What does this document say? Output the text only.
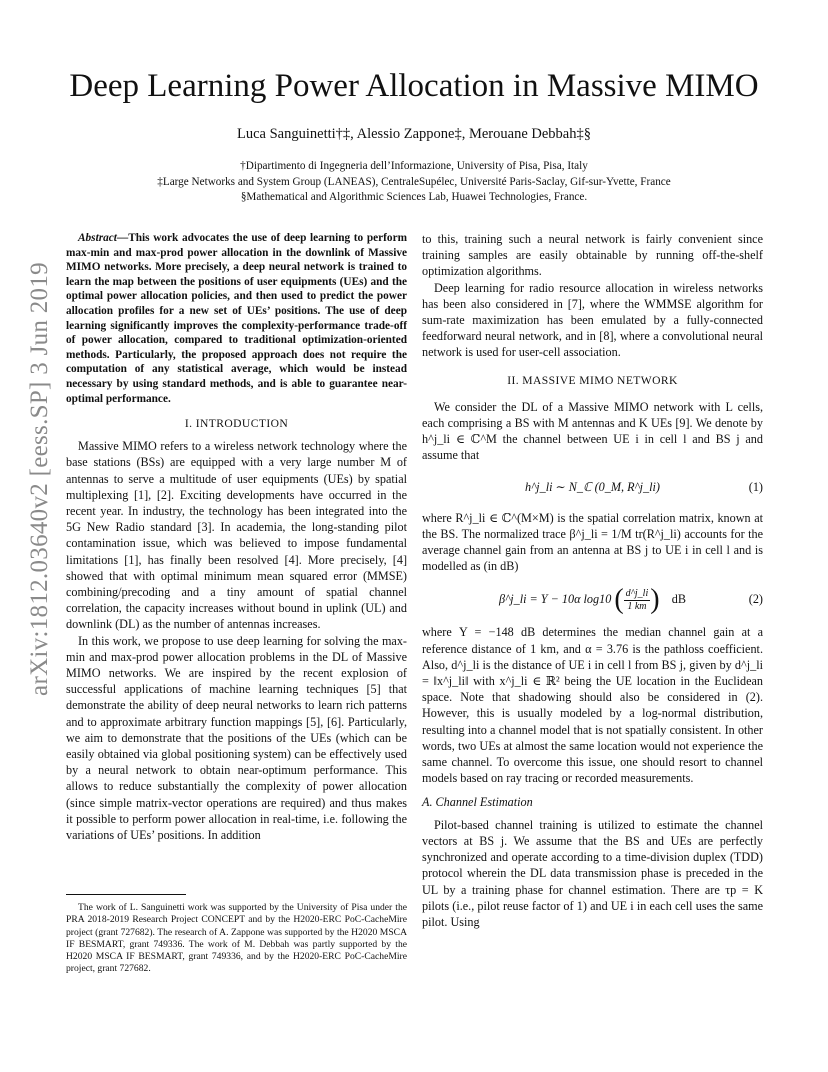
arXiv:1812.03640v2 [eess.SP] 3 Jun 2019
Deep Learning Power Allocation in Massive MIMO
Luca Sanguinetti†‡, Alessio Zappone‡, Merouane Debbah‡§
†Dipartimento di Ingegneria dell’Informazione, University of Pisa, Pisa, Italy
‡Large Networks and System Group (LANEAS), CentraleSupélec, Université Paris-Saclay, Gif-sur-Yvette, France
§Mathematical and Algorithmic Sciences Lab, Huawei Technologies, France.
Abstract—This work advocates the use of deep learning to perform max-min and max-prod power allocation in the downlink of Massive MIMO networks. More precisely, a deep neural network is trained to learn the map between the positions of user equipments (UEs) and the optimal power allocation policies, and then used to predict the power allocation profiles for a new set of UEs’ positions. The use of deep learning significantly improves the complexity-performance trade-off of power allocation, compared to traditional optimization-oriented methods. Particularly, the proposed approach does not require the computation of any statistical average, which would be instead necessary by using standard methods, and is able to guarantee near-optimal performance.
I. INTRODUCTION

Massive MIMO refers to a wireless network technology where the base stations (BSs) are equipped with a very large number M of antennas to serve a multitude of user equipments (UEs) by spatial multiplexing [1], [2]. Exciting developments have occurred in the recent year. In industry, the technology has been integrated into the 5G New Radio standard [3]. In academia, the long-standing pilot contamination issue, which was believed to impose fundamental limitations [1], has finally been resolved [4]. More precisely, [4] showed that with optimal minimum mean squared error (MMSE) combining/precoding and a tiny amount of spatial channel correlation, the capacity increases without bound in uplink (UL) and downlink (DL) as the number of antennas increases.

In this work, we propose to use deep learning for solving the max-min and max-prod power allocation problems in the DL of Massive MIMO networks. We are inspired by the recent explosion of successful applications of machine learning techniques [5] that demonstrate the ability of deep neural networks to learn rich patterns and to approximate arbitrary function mappings [5], [6]. Particularly, we aim to demonstrate that the positions of the UEs (which can be easily obtained via global positioning system) can be effectively used by a neural network to obtain near-optimum performance. This allows to reduce substantially the complexity of power allocation (since simple matrix-vector operations are required) and thus makes it possible to perform power allocation in real-time, i.e. following the variations of UEs’ positions. In addition

The work of L. Sanguinetti work was supported by the University of Pisa under the PRA 2018-2019 Research Project CONCEPT and by the H2020-ERC PoC-CacheMire project (grant 727682). The research of A. Zappone was supported by the H2020 MSCA IF BESMART, grant 749336. The work of M. Debbah was partly supported by the H2020 MSCA IF BESMART, grant 749336, and by the H2020-ERC PoC-CacheMire project, grant 727682.

to this, training such a neural network is fairly convenient since training samples are easily obtainable by running off-the-shelf optimization algorithms.

Deep learning for radio resource allocation in wireless networks has been also considered in [7], where the WMMSE algorithm for sum-rate maximization has been emulated by a fully-connected feedforward neural network, and in [8], where a convolutional neural network is used for user-cell association.

II. MASSIVE MIMO NETWORK

We consider the DL of a Massive MIMO network with L cells, each comprising a BS with M antennas and K UEs [9]. We denote by h^j_li ∈ ℂ^M the channel between UE i in cell l and BS j and assume that

h^j_li ∼ N_ℂ (0_M, R^j_li)	(1)

where R^j_li ∈ ℂ^(M×M) is the spatial correlation matrix, known at the BS. The normalized trace β^j_li = 1/M tr(R^j_li) accounts for the average channel gain from an antenna at BS j to UE i in cell l and is modelled as (in dB)

β^j_li = Υ − 10α log10 ( $\frac{d\^{}j\_li}{1 km}$ ) dB	(2)

where Υ = −148 dB determines the median channel gain at a reference distance of 1 km, and α = 3.76 is the pathloss coefficient. Also, d^j_li is the distance of UE i in cell l from BS j, given by d^j_li = ‖x^j_li‖ with x^j_li ∈ ℝ² being the UE location in the Euclidean space. Note that shadowing should also be considered in (2). However, this is usually modeled by a log-normal distribution, resulting into a channel model that is not spatially consistent. In other words, two UEs at almost the same location would not experience the same channel. To overcome this issue, one should resort to channel models based on ray tracing or recorded measurements.

A. Channel Estimation

Pilot-based channel training is utilized to estimate the channel vectors at BS j. We assume that the BS and UEs are perfectly synchronized and operate according to a time-division duplex (TDD) protocol wherein the DL data transmission phase is preceded in the UL by a training phase for channel estimation. There are τp = K pilots (i.e., pilot reuse factor of 1) and UE i in each cell uses the same pilot. Using
